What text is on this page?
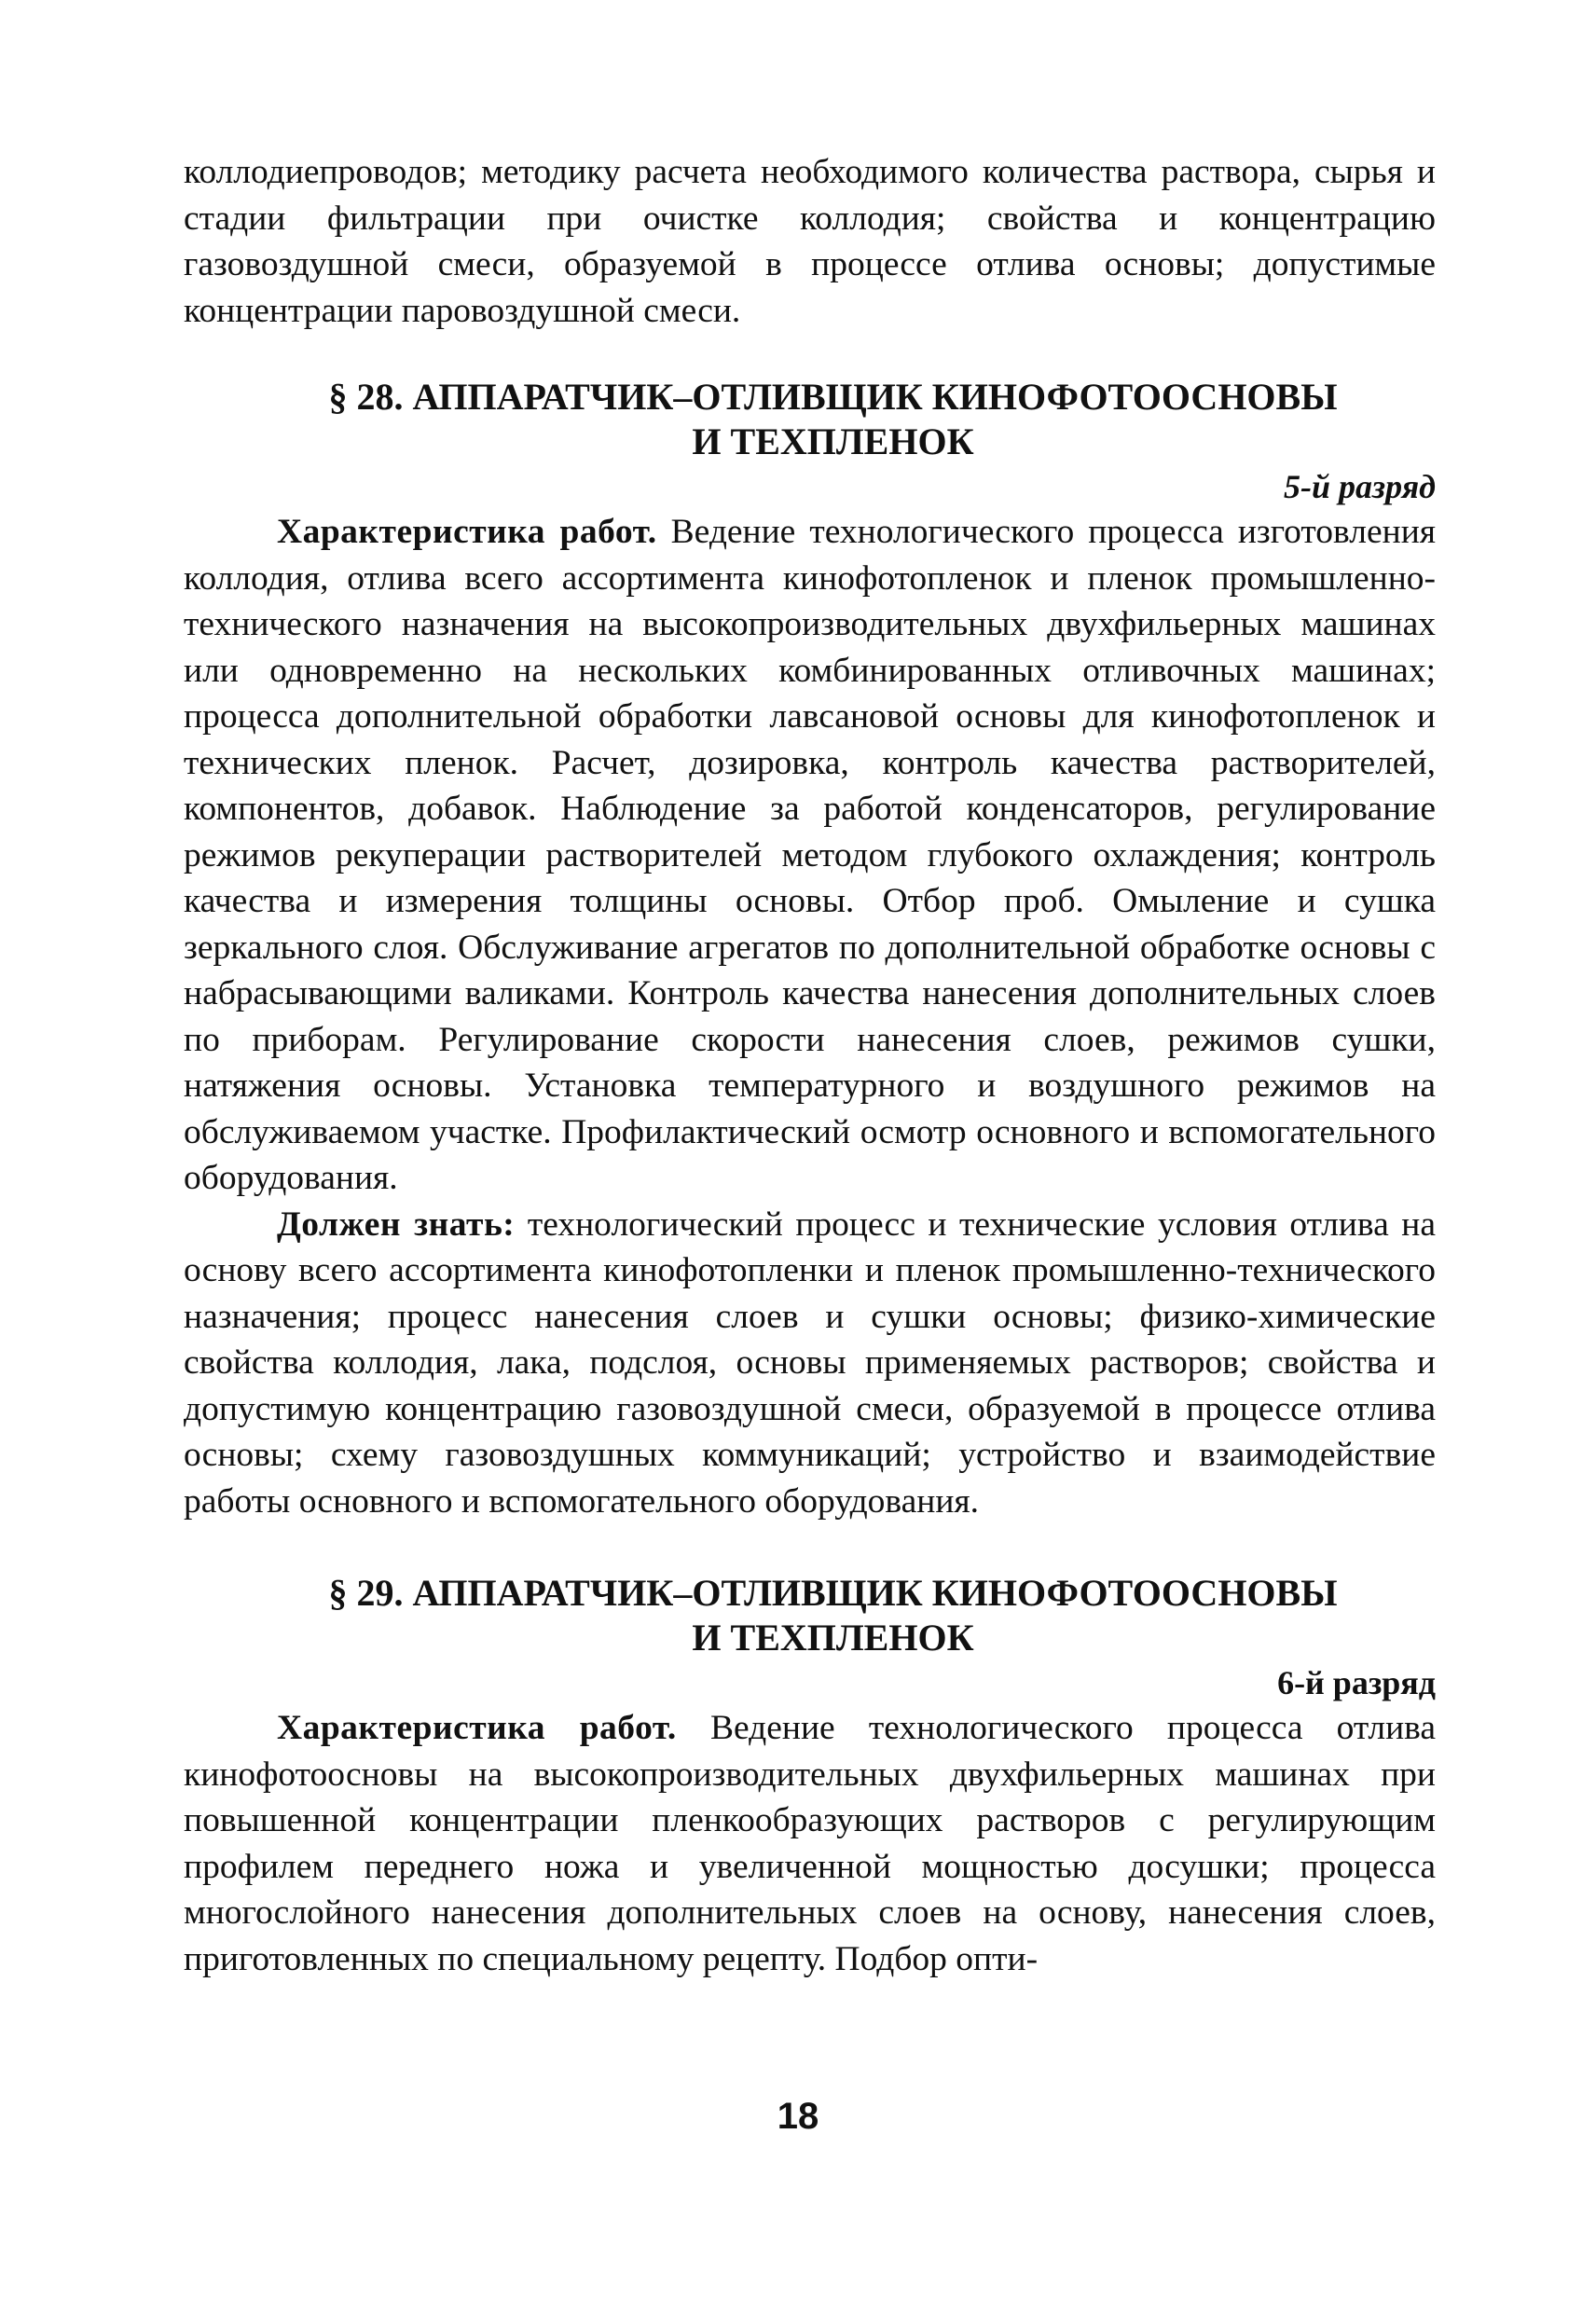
коллодиепроводов; методику расчета необходимого количества раствора, сырья и стадии фильтрации при очистке коллодия; свойства и концентрацию газовоздушной смеси, образуемой в процессе отлива основы; допустимые концентрации паровоздушной смеси.

§ 28. АППАРАТЧИК–ОТЛИВЩИК КИНОФОТООСНОВЫ
И ТЕХПЛЕНОК

5-й разряд

Характеристика работ. Ведение технологического процесса изготовления коллодия, отлива всего ассортимента кинофотопленок и пленок промышленно-технического назначения на высокопроизводительных двухфильерных машинах или одновременно на нескольких комбинированных отливочных машинах; процесса дополнительной обработки лавсановой основы для кинофотопленок и технических пленок. Расчет, дозировка, контроль качества растворителей, компонентов, добавок. Наблюдение за работой конденсаторов, регулирование режимов рекуперации растворителей методом глубокого охлаждения; контроль качества и измерения толщины основы. Отбор проб. Омыление и сушка зеркального слоя. Обслуживание агрегатов по дополнительной обработке основы с набрасывающими валиками. Контроль качества нанесения дополнительных слоев по приборам. Регулирование скорости нанесения слоев, режимов сушки, натяжения основы. Установка температурного и воздушного режимов на обслуживаемом участке. Профилактический осмотр основного и вспомогательного оборудования.

Должен знать: технологический процесс и технические условия отлива на основу всего ассортимента кинофотопленки и пленок промышленно-технического назначения; процесс нанесения слоев и сушки основы; физико-химические свойства коллодия, лака, подслоя, основы применяемых растворов; свойства и допустимую концентрацию газовоздушной смеси, образуемой в процессе отлива основы; схему газовоздушных коммуникаций; устройство и взаимодействие работы основного и вспомогательного оборудования.

§ 29. АППАРАТЧИК–ОТЛИВЩИК КИНОФОТООСНОВЫ
И ТЕХПЛЕНОК

6-й разряд

Характеристика работ. Ведение технологического процесса отлива кинофотоосновы на высокопроизводительных двухфильерных машинах при повышенной концентрации пленкообразующих растворов с регулирующим профилем переднего ножа и увеличенной мощностью досушки; процесса многослойного нанесения дополнительных слоев на основу, нанесения слоев, приготовленных по специальному рецепту. Подбор опти-

18
